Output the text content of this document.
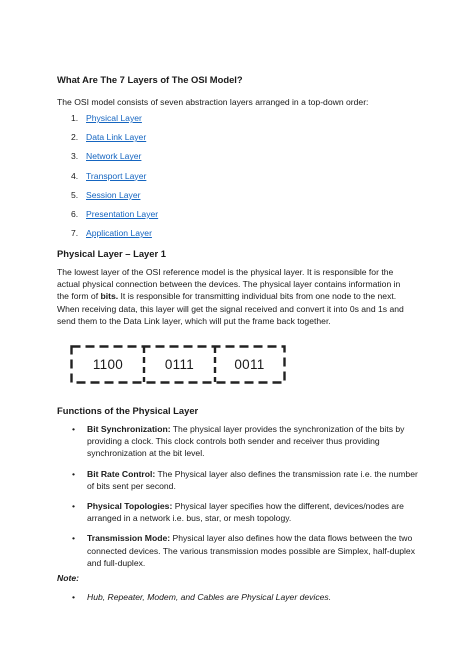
What Are The 7 Layers of The OSI Model?
The OSI model consists of seven abstraction layers arranged in a top-down order:
1. Physical Layer
2. Data Link Layer
3. Network Layer
4. Transport Layer
5. Session Layer
6. Presentation Layer
7. Application Layer
Physical Layer – Layer 1
The lowest layer of the OSI reference model is the physical layer. It is responsible for the
actual physical connection between the devices. The physical layer contains information in
the form of bits. It is responsible for transmitting individual bits from one node to the next.
When receiving data, this layer will get the signal received and convert it into 0s and 1s and
send them to the Data Link layer, which will put the frame back together.
1100	0111	0011
Functions of the Physical Layer
• Bit Synchronization: The physical layer provides the synchronization of the bits by
providing a clock. This clock controls both sender and receiver thus providing
synchronization at the bit level.
• Bit Rate Control: The Physical layer also defines the transmission rate i.e. the number
of bits sent per second.
• Physical Topologies: Physical layer specifies how the different, devices/nodes are
arranged in a network i.e. bus, star, or mesh topology.
• Transmission Mode: Physical layer also defines how the data flows between the two
connected devices. The various transmission modes possible are Simplex, half-duplex
and full-duplex.
Note:
• Hub, Repeater, Modem, and Cables are Physical Layer devices.
